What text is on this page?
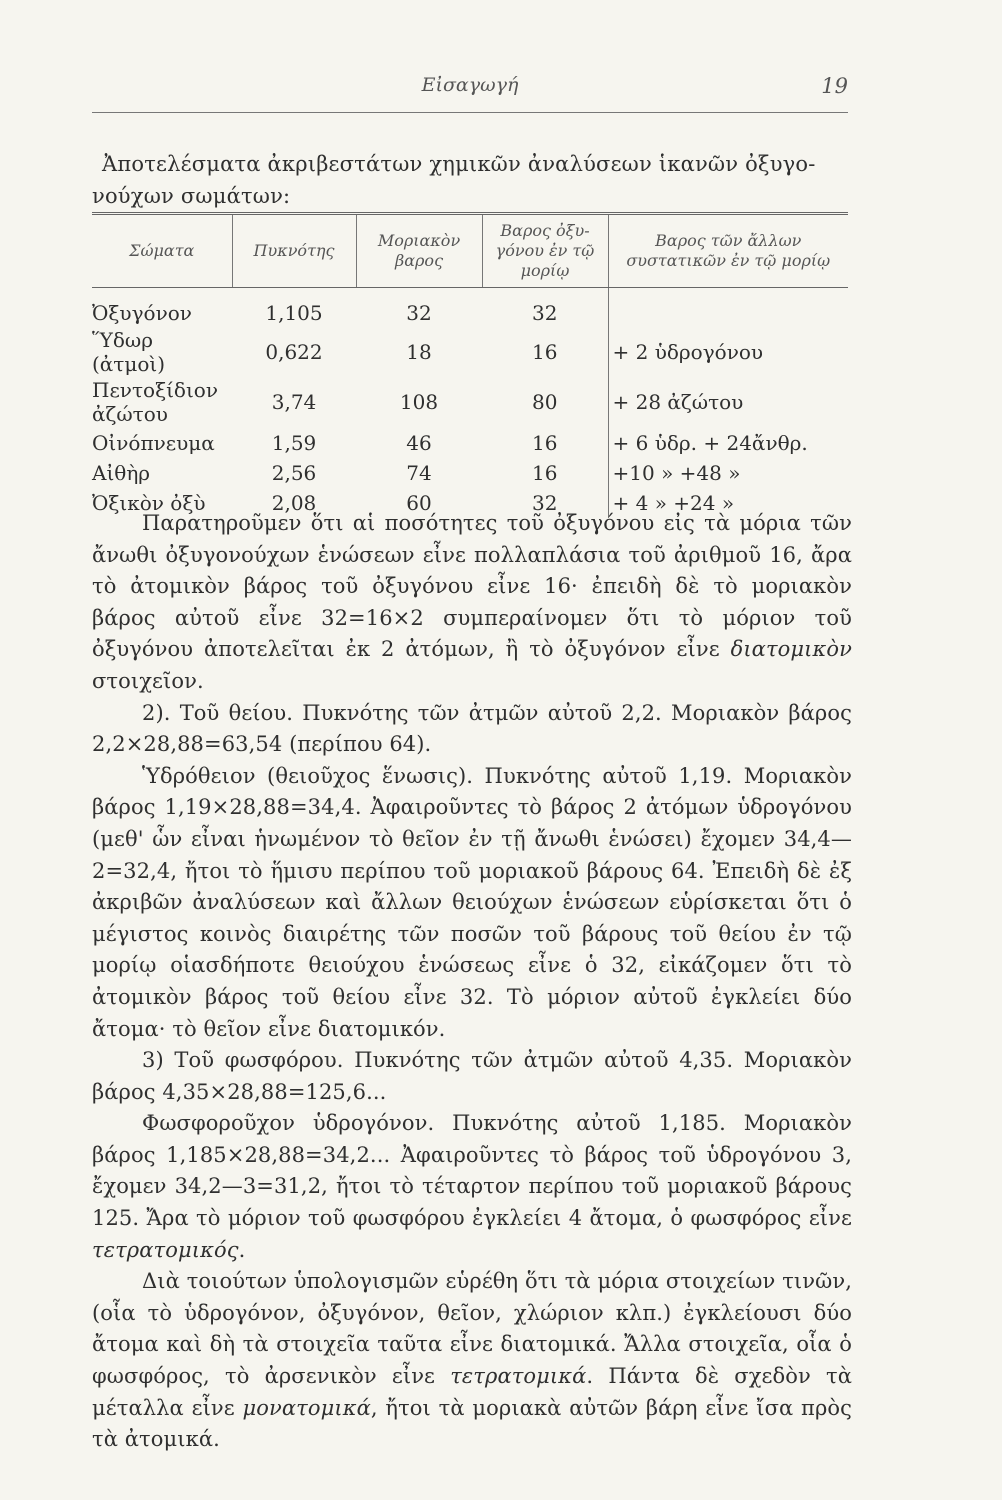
Εἰσαγωγή	19
Ἀποτελέσματα ἀκριβεστάτων χημικῶν ἀναλύσεων ἱκανῶν ὀξυγο-
νούχων σωμάτων:
Σώματα	Πυκνότης	Μοριακὸν βαρος	Βαρος ὀξυ-γόνου ἐν τῷ μορίῳ	Βαρος τῶν ἄλλων συστατικῶν ἐν τῷ μορίῳ
Ὀξυγόνον	1,105	32	32	
Ὕδωρ (ἀτμοὶ)	0,622	18	16	+ 2 ὑδρογόνου
Πεντοξίδιον ἀζώτου	3,74	108	80	+ 28 ἀζώτου
Οἰνόπνευμα	1,59	46	16	+ 6 ὑδρ. + 24ἄνθρ.
Αἰθὴρ	2,56	74	16	+10 » +48 »
Ὀξικὸν ὀξὺ	2,08	60	32	+ 4 » +24 »

Παρατηροῦμεν ὅτι αἱ ποσότητες τοῦ ὀξυγόνου εἰς τὰ μόρια τῶν ἄνωθι ὀξυγονούχων ἑνώσεων εἶνε πολλαπλάσια τοῦ ἀριθμοῦ 16, ἄρα τὸ ἀτομικὸν βάρος τοῦ ὀξυγόνου εἶνε 16· ἐπειδὴ δὲ τὸ μοριακὸν βάρος αὐτοῦ εἶνε 32=16×2 συμπεραίνομεν ὅτι τὸ μόριον τοῦ ὀξυγόνου ἀποτελεῖται ἐκ 2 ἀτόμων, ἢ τὸ ὀξυγόνον εἶνε διατομικὸν στοιχεῖον.

2). Τοῦ θείου. Πυκνότης τῶν ἀτμῶν αὐτοῦ 2,2. Μοριακὸν βάρος 2,2×28,88=63,54 (περίπου 64).

Ὑδρόθειον (θειοῦχος ἕνωσις). Πυκνότης αὐτοῦ 1,19. Μοριακὸν βάρος 1,19×28,88=34,4. Ἀφαιροῦντες τὸ βάρος 2 ἀτόμων ὑδρογόνου (μεθ' ὧν εἶναι ἡνωμένον τὸ θεῖον ἐν τῇ ἄνωθι ἑνώσει) ἔχομεν 34,4—2=32,4, ἤτοι τὸ ἥμισυ περίπου τοῦ μοριακοῦ βάρους 64. Ἐπειδὴ δὲ ἐξ ἀκριβῶν ἀναλύσεων καὶ ἄλλων θειούχων ἑνώσεων εὑρίσκεται ὅτι ὁ μέγιστος κοινὸς διαιρέτης τῶν ποσῶν τοῦ βάρους τοῦ θείου ἐν τῷ μορίῳ οἱασδήποτε θειούχου ἑνώσεως εἶνε ὁ 32, εἰκάζομεν ὅτι τὸ ἀτομικὸν βάρος τοῦ θείου εἶνε 32. Τὸ μόριον αὐτοῦ ἐγκλείει δύο ἄτομα· τὸ θεῖον εἶνε διατομικόν.

3) Τοῦ φωσφόρου. Πυκνότης τῶν ἀτμῶν αὐτοῦ 4,35. Μοριακὸν βάρος 4,35×28,88=125,6...

Φωσφοροῦχον ὑδρογόνον. Πυκνότης αὐτοῦ 1,185. Μοριακὸν βάρος 1,185×28,88=34,2... Ἀφαιροῦντες τὸ βάρος τοῦ ὑδρογόνου 3, ἔχομεν 34,2—3=31,2, ἤτοι τὸ τέταρτον περίπου τοῦ μοριακοῦ βάρους 125. Ἄρα τὸ μόριον τοῦ φωσφόρου ἐγκλείει 4 ἄτομα, ὁ φωσφόρος εἶνε τετρατομικός.

Διὰ τοιούτων ὑπολογισμῶν εὑρέθη ὅτι τὰ μόρια στοιχείων τινῶν, (οἷα τὸ ὑδρογόνον, ὀξυγόνον, θεῖον, χλώριον κλπ.) ἐγκλείουσι δύο ἄτομα καὶ δὴ τὰ στοιχεῖα ταῦτα εἶνε διατομικά. Ἄλλα στοιχεῖα, οἷα ὁ φωσφόρος, τὸ ἀρσενικὸν εἶνε τετρατομικά. Πάντα δὲ σχεδὸν τὰ μέταλλα εἶνε μονατομικά, ἤτοι τὰ μοριακὰ αὐτῶν βάρη εἶνε ἴσα πρὸς τὰ ἀτομικά.
